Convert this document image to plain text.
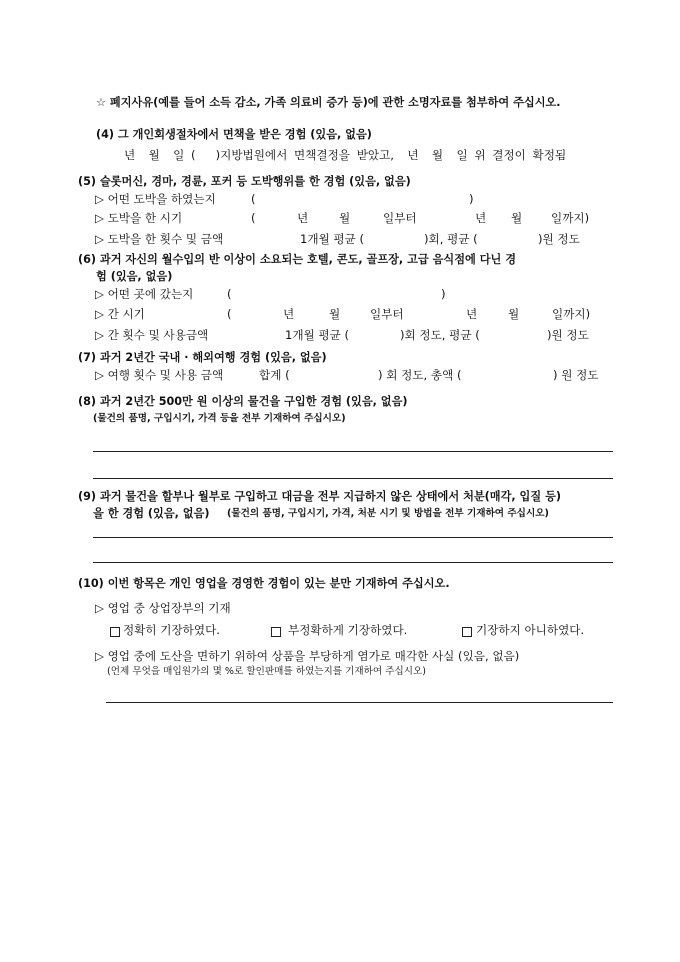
☆ 폐지사유(예를 들어 소득 감소, 가족 의료비 증가 등)에 관한 소명자료를 첨부하여 주십시오.
(4) 그 개인회생절차에서 면책을 받은 경험 (있음, 없음)
년  월  일 (   )지방법원에서 면책결정을 받았고,  년  월  일 위 결정이 확정됨
(5) 슬롯머신, 경마, 경륜, 포커 등 도박행위를 한 경험 (있음, 없음)
▷ 어떤 도박을 하였는지	(	)
▷ 도박을 한 시기	(	년	월	일부터	년 월 일까지)
▷ 도박을 한 횟수 및 금액	1개월 평균 (	)회, 평균 (	)원 정도
(6) 과거 자신의 월수입의 반 이상이 소요되는 호텔, 콘도, 골프장, 고급 음식점에 다닌 경
험 (있음, 없음)
▷ 어떤 곳에 갔는지	(	)
▷ 간 시기	(	년	월	일부터	년	월	일까지)
▷ 간 횟수 및 사용금액	1개월 평균 (	)회 정도, 평균 (	)원 정도
(7) 과거 2년간 국내 · 해외여행 경험 (있음, 없음)
▷ 여행 횟수 및 사용 금액	합계 (	) 회 정도, 총액 (	) 원 정도
(8) 과거 2년간 500만 원 이상의 물건을 구입한 경험 (있음, 없음)
(물건의 품명, 구입시기, 가격 등을 전부 기재하여 주십시오)
(9) 과거 물건을 할부나 월부로 구입하고 대금을 전부 지급하지 않은 상태에서 처분(매각, 입질 등)
을 한 경험 (있음, 없음) (물건의 품명, 구입시기, 가격, 처분 시기 및 방법을 전부 기재하여 주십시오)
(10) 이번 항목은 개인 영업을 경영한 경험이 있는 분만 기재하여 주십시오.
▷ 영업 중 상업장부의 기재
정확히 기장하였다.	부정확하게 기장하였다.	기장하지 아니하였다.
▷ 영업 중에 도산을 면하기 위하여 상품을 부당하게 염가로 매각한 사실 (있음, 없음)
(언제 무엇을 매입원가의 몇 %로 할인판매를 하였는지를 기재하여 주십시오)
